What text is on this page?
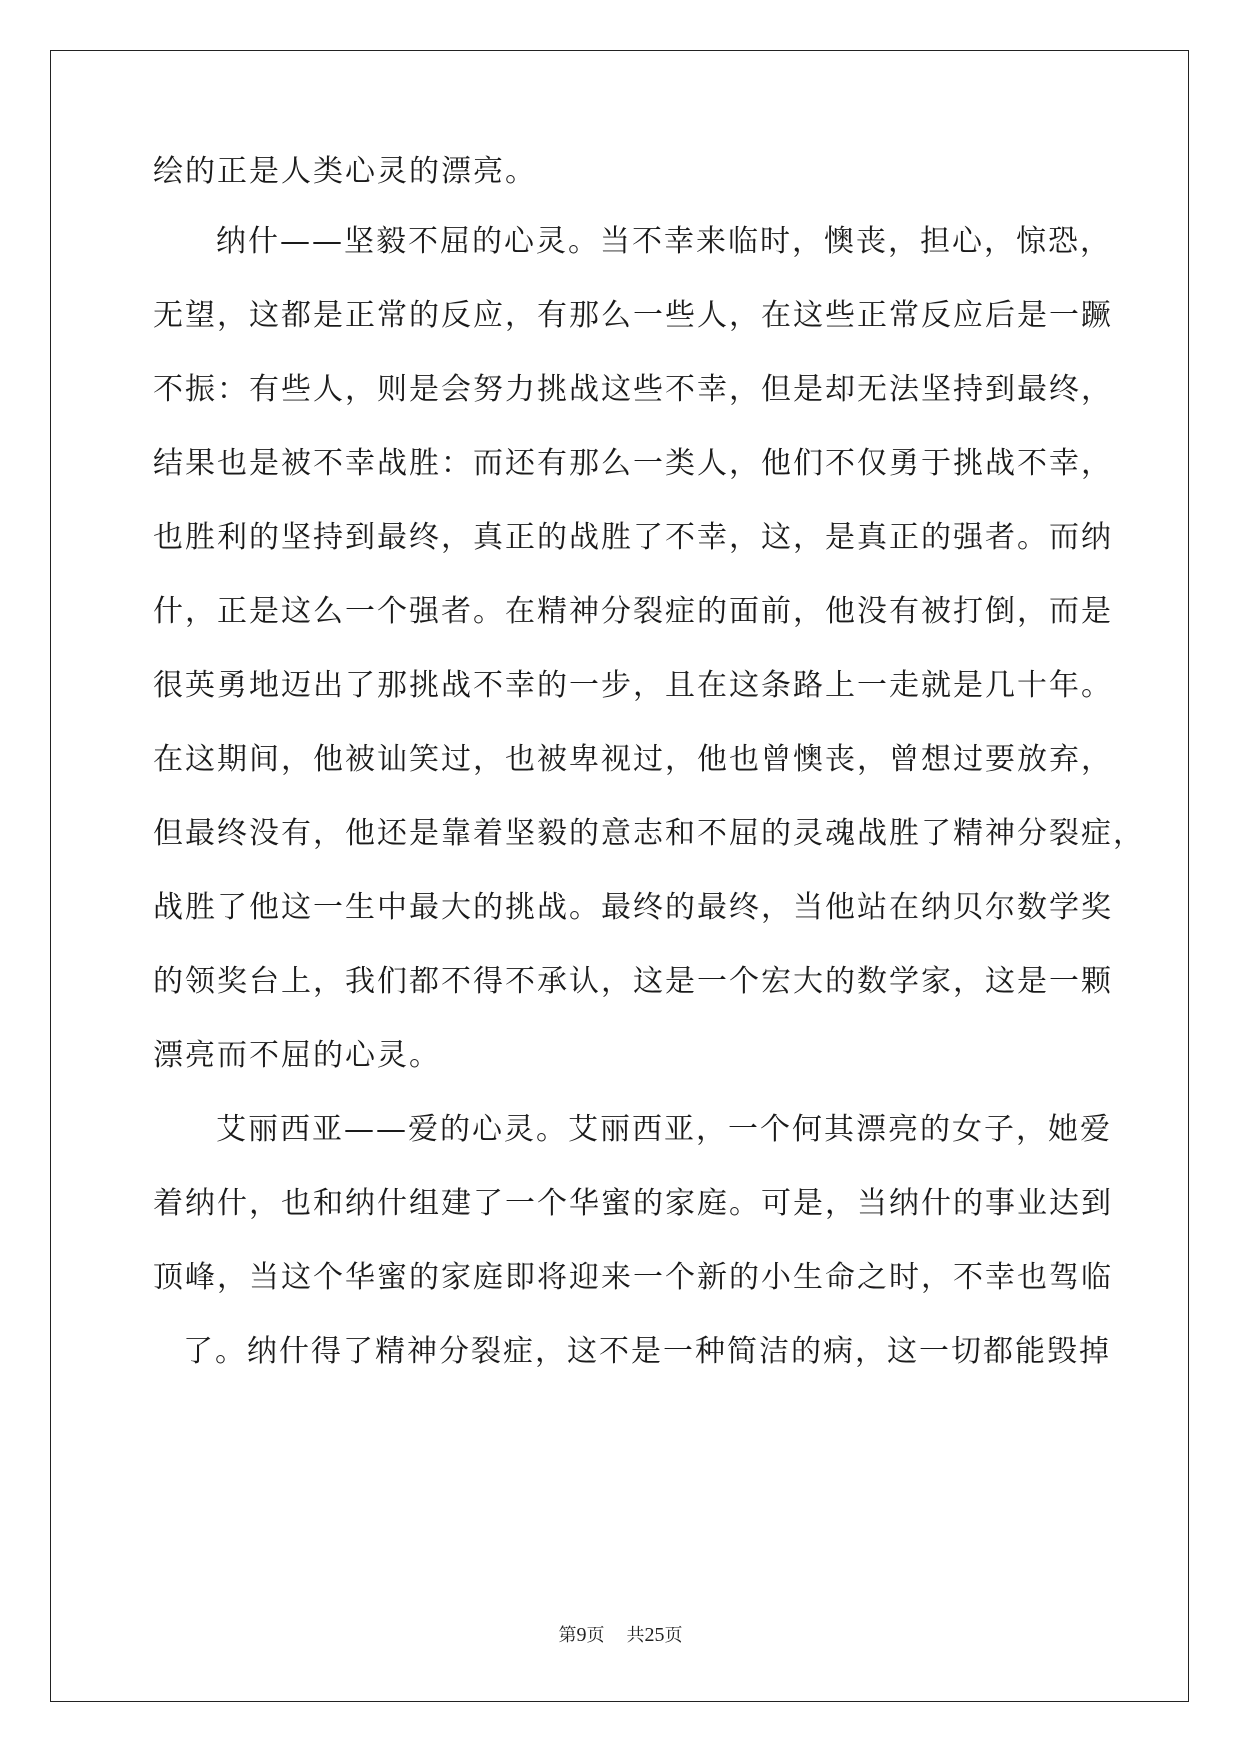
绘的正是人类心灵的漂亮。
纳什——坚毅不屈的心灵。当不幸来临时，懊丧，担心，惊恐，
无望，这都是正常的反应，有那么一些人，在这些正常反应后是一蹶
不振：有些人，则是会努力挑战这些不幸，但是却无法坚持到最终，
结果也是被不幸战胜：而还有那么一类人，他们不仅勇于挑战不幸，
也胜利的坚持到最终，真正的战胜了不幸，这，是真正的强者。而纳
什，正是这么一个强者。在精神分裂症的面前，他没有被打倒，而是
很英勇地迈出了那挑战不幸的一步，且在这条路上一走就是几十年。
在这期间，他被讪笑过，也被卑视过，他也曾懊丧，曾想过要放弃，
但最终没有，他还是靠着坚毅的意志和不屈的灵魂战胜了精神分裂症，
战胜了他这一生中最大的挑战。最终的最终，当他站在纳贝尔数学奖
的领奖台上，我们都不得不承认，这是一个宏大的数学家，这是一颗
漂亮而不屈的心灵。
艾丽西亚——爱的心灵。艾丽西亚，一个何其漂亮的女子，她爱
着纳什，也和纳什组建了一个华蜜的家庭。可是，当纳什的事业达到
顶峰，当这个华蜜的家庭即将迎来一个新的小生命之时，不幸也驾临
了。纳什得了精神分裂症，这不是一种简洁的病，这一切都能毁掉
第9页 共25页
